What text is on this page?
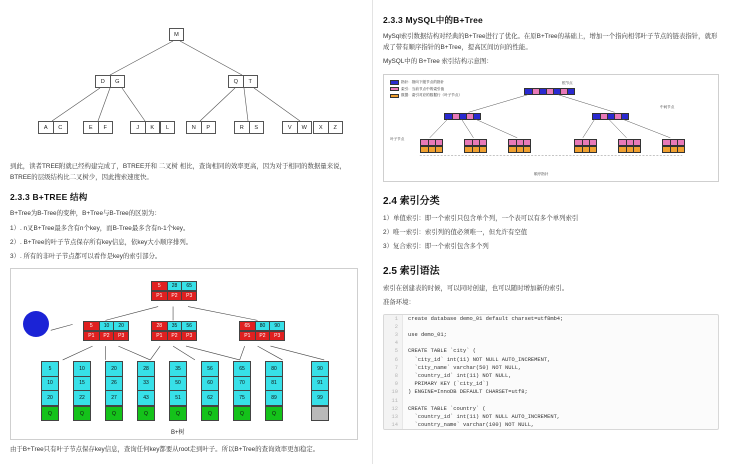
M
D	G	Q	T
A	C	E	F	J	K	L	N	P	R	S	V	W	X	Z
到此，读者TREE附就已经构建完成了，BTREE开和 二叉树 相比，查询相同的效率更高，因为对于相同的数据量来说，BTREE的层级结构比二叉树少，因此搜索速度快。
2.3.3 B+TREE 结构
B+Tree为B-Tree的变种，B+Tree与B-Tree的区别为：
1）. n叉B+Tree最多含有n个key，而B-Tree最多含有n-1个key。
2）. B+Tree的叶子节点保存所有key信息，依key大小顺序排列。
3）. 所有的非叶子节点都可以看作是key的索引部分。
5	28	65
P1	P2	P3
5	10	20
P1	P2	P3
28	35	56
P1	P2	P3
65	80	90
P1	P2	P3
5
10
20
Q
10
15
22
Q
20
26
27
Q
28
33
43
Q
35
50
51
Q
56
60
62
Q
65
70
75
Q
80
81
89
Q
90
91
99
B+树
由于B+Tree只有叶子节点保存key信息，查询任何key都要从root走到叶子。所以B+Tree的查询效率更加稳定。
2.3.3 MySQL中的B+Tree
MySql索引数据结构对经典的B+Tree进行了优化。在原B+Tree的基础上，增加一个指向相邻叶子节点的链表指针，就形成了带有顺序指针的B+Tree，提高区间访问的性能。
MySQL中的 B+Tree 索引结构示意图：
指针：指向下级节点的指针
索引：当前节点中的索引值
数据：索引对应的数据行（叶子节点）
根节点
中间节点
叶子节点
顺序指针
2.4 索引分类
1）单值索引：即一个索引只包含单个列，一个表可以有多个单列索引
2）唯一索引：索引列的值必须唯一，但允许有空值
3）复合索引：即一个索引包含多个列
2.5 索引语法
索引在创建表的时候，可以同时创建，也可以随时增加新的索引。
准备环境：
1	create database demo_01 default charset=utf8mb4;
2
3	use demo_01;
4
5	CREATE TABLE `city` (
6	`city_id` int(11) NOT NULL AUTO_INCREMENT,
7	`city_name` varchar(50) NOT NULL,
8	`country_id` int(11) NOT NULL,
9	PRIMARY KEY (`city_id`)
10	) ENGINE=InnoDB DEFAULT CHARSET=utf8;
11
12	CREATE TABLE `country` (
13	`country_id` int(11) NOT NULL AUTO_INCREMENT,
14	`country_name` varchar(100) NOT NULL,
